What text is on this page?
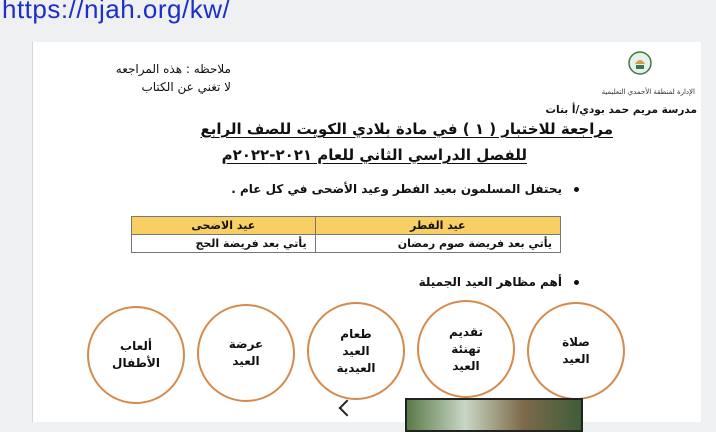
https://njah.org/kw/
ملاحظه : هذه المراجعه
لا تغني عن الكتاب	الإدارة لمنطقة الأحمدي التعليمية
مدرسة مريم حمد بودي/أ بنات
مراجعة للاختبار ( ١ ) في مادة بلادي الكويت للصف الرابع
للفصل الدراسي الثاني للعام ٢٠٢١-٢٠٢٢م
يحتفل المسلمون بعيد الفطر وعيد الأضحى في كل عام .
عيد الفطر	عيد الاضحى
يأتي بعد فريضة صوم رمضان	يأتي بعد فريضة الحج
أهم مظاهر العيد الجميلة
ألعاب
الأطفال
عرضة
العيد
طعام
العيد
العيدية
تقديم
تهنئة
العيد
صلاة
العيد
